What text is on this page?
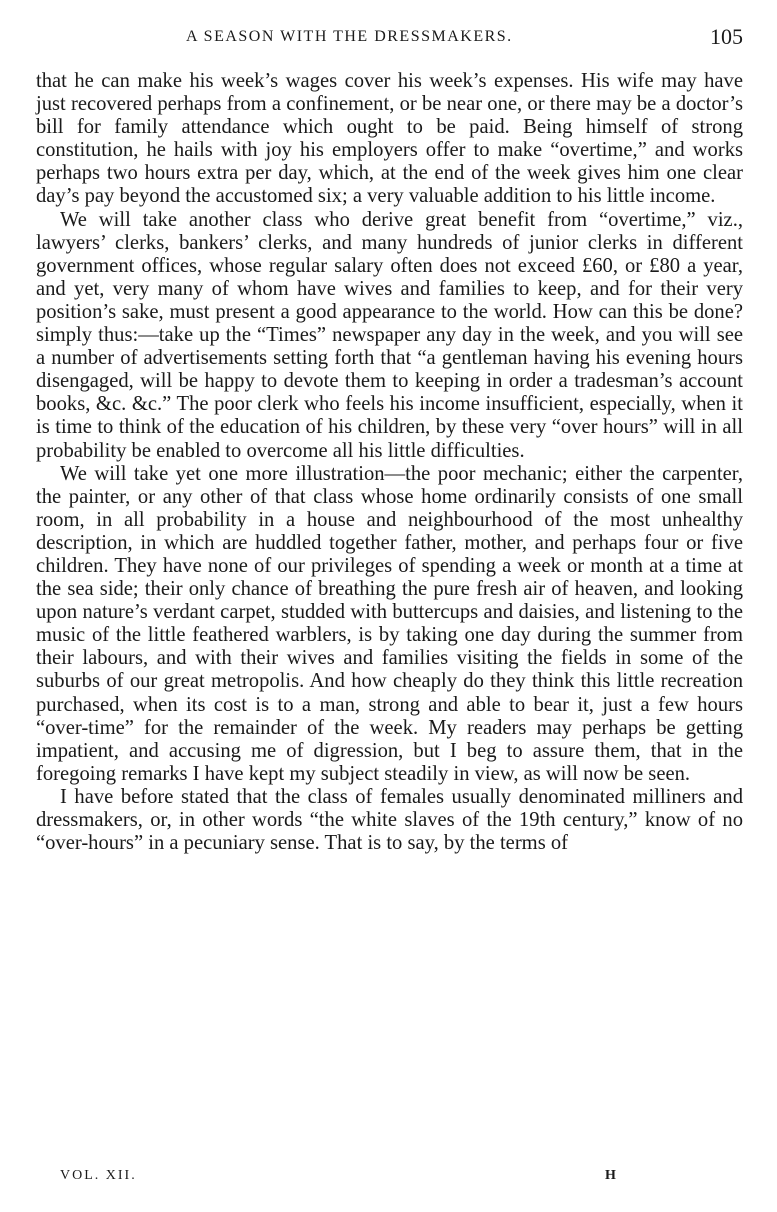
A SEASON WITH THE DRESSMAKERS.	105

that he can make his week’s wages cover his week’s expenses. His wife may have just recovered perhaps from a confinement, or be near one, or there may be a doctor’s bill for family attendance which ought to be paid. Being himself of strong constitution, he hails with joy his employers offer to make “overtime,” and works perhaps two hours extra per day, which, at the end of the week gives him one clear day’s pay beyond the accustomed six; a very valuable addition to his little income.

We will take another class who derive great benefit from “overtime,” viz., lawyers’ clerks, bankers’ clerks, and many hundreds of junior clerks in different government offices, whose regular salary often does not exceed £60, or £80 a year, and yet, very many of whom have wives and families to keep, and for their very position’s sake, must present a good appearance to the world. How can this be done? simply thus:—take up the “Times” newspaper any day in the week, and you will see a number of advertisements setting forth that “a gentleman having his evening hours disengaged, will be happy to devote them to keeping in order a tradesman’s account books, &c. &c.” The poor clerk who feels his income insufficient, especially, when it is time to think of the education of his children, by these very “over hours” will in all probability be enabled to overcome all his little difficulties.

We will take yet one more illustration—the poor mechanic; either the carpenter, the painter, or any other of that class whose home ordinarily consists of one small room, in all probability in a house and neighbourhood of the most unhealthy description, in which are huddled together father, mother, and perhaps four or five children. They have none of our privileges of spending a week or month at a time at the sea side; their only chance of breathing the pure fresh air of heaven, and looking upon nature’s verdant carpet, studded with buttercups and daisies, and listening to the music of the little feathered warblers, is by taking one day during the summer from their labours, and with their wives and families visiting the fields in some of the suburbs of our great metropolis. And how cheaply do they think this little recreation purchased, when its cost is to a man, strong and able to bear it, just a few hours “over-time” for the remainder of the week. My readers may perhaps be getting impatient, and accusing me of digression, but I beg to assure them, that in the foregoing remarks I have kept my subject steadily in view, as will now be seen.

I have before stated that the class of females usually denominated milliners and dressmakers, or, in other words “the white slaves of the 19th century,” know of no “over-hours” in a pecuniary sense. That is to say, by the terms of

VOL. XII.	H
